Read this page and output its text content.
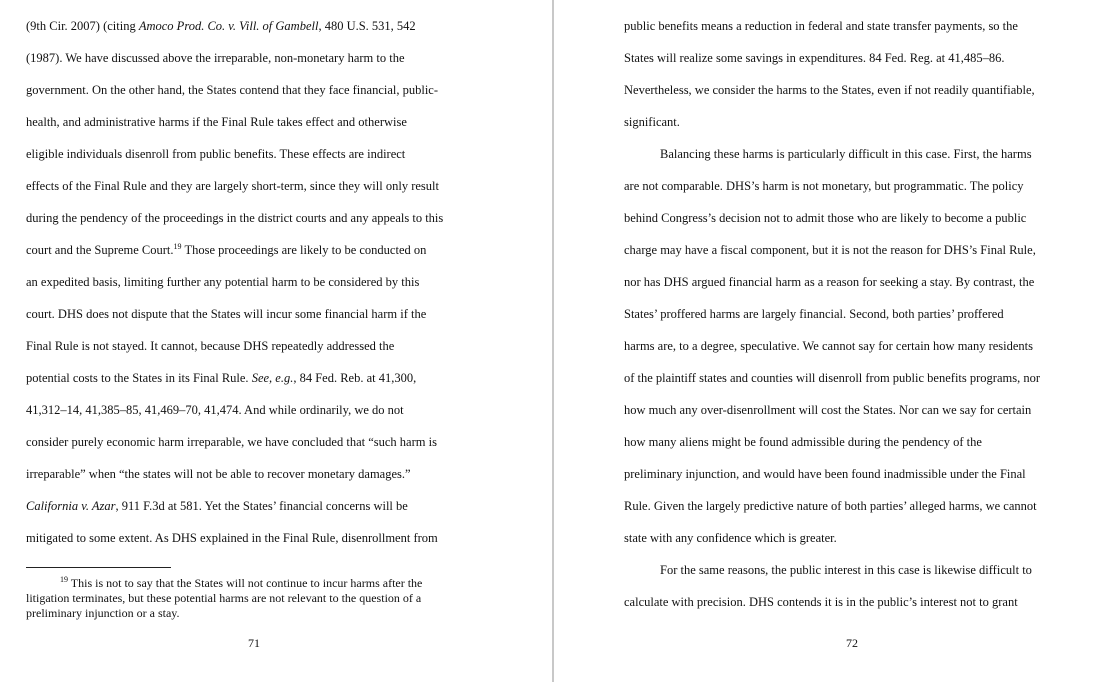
(9th Cir. 2007) (citing Amoco Prod. Co. v. Vill. of Gambell, 480 U.S. 531, 542
(1987). We have discussed above the irreparable, non-monetary harm to the
government. On the other hand, the States contend that they face financial, public-
health, and administrative harms if the Final Rule takes effect and otherwise
eligible individuals disenroll from public benefits. These effects are indirect
effects of the Final Rule and they are largely short-term, since they will only result
during the pendency of the proceedings in the district courts and any appeals to this
court and the Supreme Court.$^{19}$ Those proceedings are likely to be conducted on
an expedited basis, limiting further any potential harm to be considered by this
court. DHS does not dispute that the States will incur some financial harm if the
Final Rule is not stayed. It cannot, because DHS repeatedly addressed the
potential costs to the States in its Final Rule. See, e.g., 84 Fed. Reb. at 41,300,
41,312–14, 41,385–85, 41,469–70, 41,474. And while ordinarily, we do not
consider purely economic harm irreparable, we have concluded that “such harm is
irreparable” when “the states will not be able to recover monetary damages.”
California v. Azar, 911 F.3d at 581. Yet the States’ financial concerns will be
mitigated to some extent. As DHS explained in the Final Rule, disenrollment from
$^{19}$ This is not to say that the States will not continue to incur harms after the
litigation terminates, but these potential harms are not relevant to the question of a
preliminary injunction or a stay.
71
public benefits means a reduction in federal and state transfer payments, so the
States will realize some savings in expenditures. 84 Fed. Reg. at 41,485–86.
Nevertheless, we consider the harms to the States, even if not readily quantifiable,
significant.
Balancing these harms is particularly difficult in this case. First, the harms
are not comparable. DHS’s harm is not monetary, but programmatic. The policy
behind Congress’s decision not to admit those who are likely to become a public
charge may have a fiscal component, but it is not the reason for DHS’s Final Rule,
nor has DHS argued financial harm as a reason for seeking a stay. By contrast, the
States’ proffered harms are largely financial. Second, both parties’ proffered
harms are, to a degree, speculative. We cannot say for certain how many residents
of the plaintiff states and counties will disenroll from public benefits programs, nor
how much any over-disenrollment will cost the States. Nor can we say for certain
how many aliens might be found admissible during the pendency of the
preliminary injunction, and would have been found inadmissible under the Final
Rule. Given the largely predictive nature of both parties’ alleged harms, we cannot
state with any confidence which is greater.
For the same reasons, the public interest in this case is likewise difficult to
calculate with precision. DHS contends it is in the public’s interest not to grant
72
